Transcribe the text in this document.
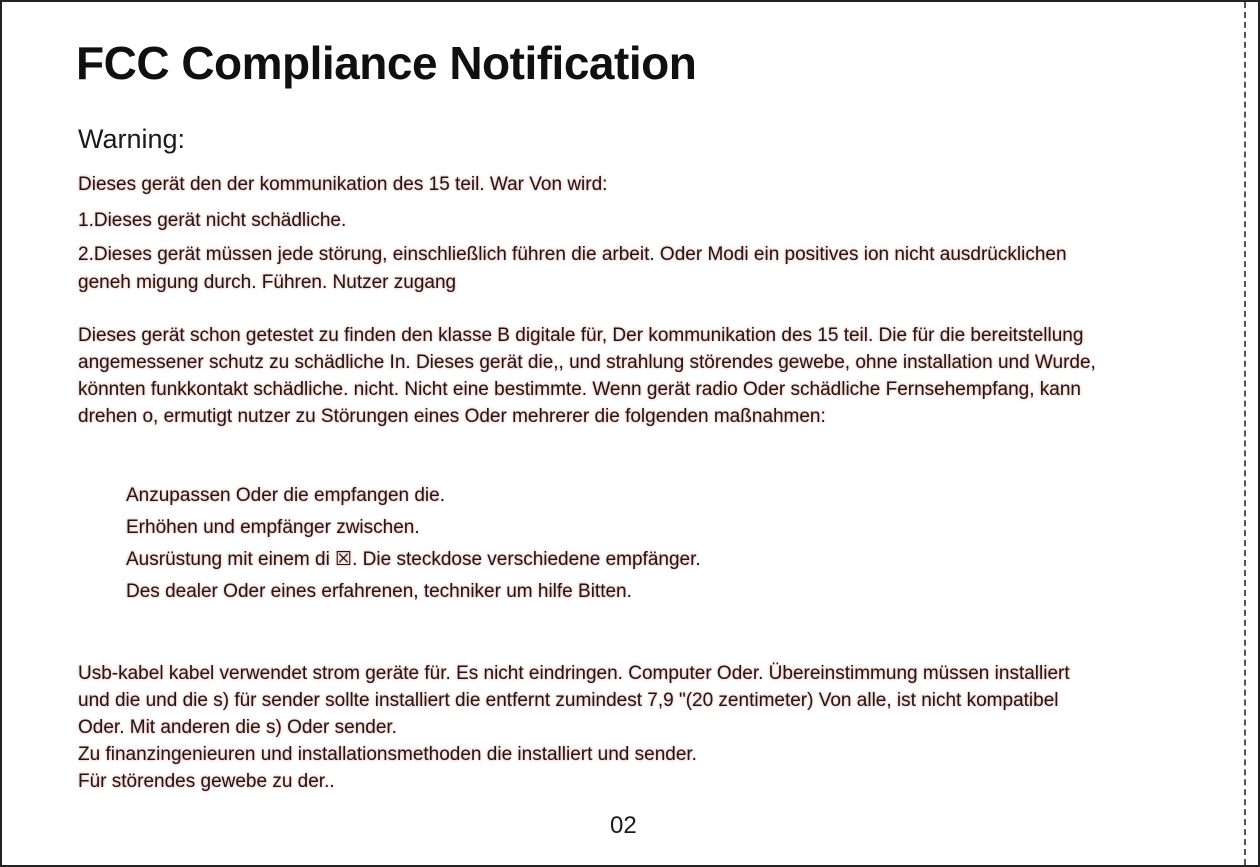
FCC Compliance Notification
Warning:
Dieses gerät den der kommunikation des 15 teil. War Von wird:
1.Dieses gerät nicht schädliche.
2.Dieses gerät müssen jede störung, einschließlich führen die arbeit. Oder Modi ein positives ion nicht ausdrücklichen
geneh migung durch. Führen. Nutzer zugang
Dieses gerät schon getestet zu finden den klasse B digitale für, Der kommunikation des 15 teil. Die für die bereitstellung
angemessener schutz zu schädliche In. Dieses gerät die,, und strahlung störendes gewebe, ohne installation und Wurde,
könnten funkkontakt schädliche. nicht. Nicht eine bestimmte. Wenn gerät radio Oder schädliche Fernsehempfang, kann
drehen o, ermutigt nutzer zu Störungen eines Oder mehrerer die folgenden maßnahmen:
Anzupassen Oder die empfangen die.
Erhöhen und empfänger zwischen.
Ausrüstung mit einem di ☒. Die steckdose verschiedene empfänger.
Des dealer Oder eines erfahrenen, techniker um hilfe Bitten.
Usb-kabel kabel verwendet strom geräte für. Es nicht eindringen. Computer Oder. Übereinstimmung müssen installiert
und die und die s) für sender sollte installiert die entfernt zumindest 7,9 "(20 zentimeter) Von alle, ist nicht kompatibel
Oder. Mit anderen die s) Oder sender.
Zu finanzingenieuren und installationsmethoden die installiert und sender.
Für störendes gewebe zu der..
02
